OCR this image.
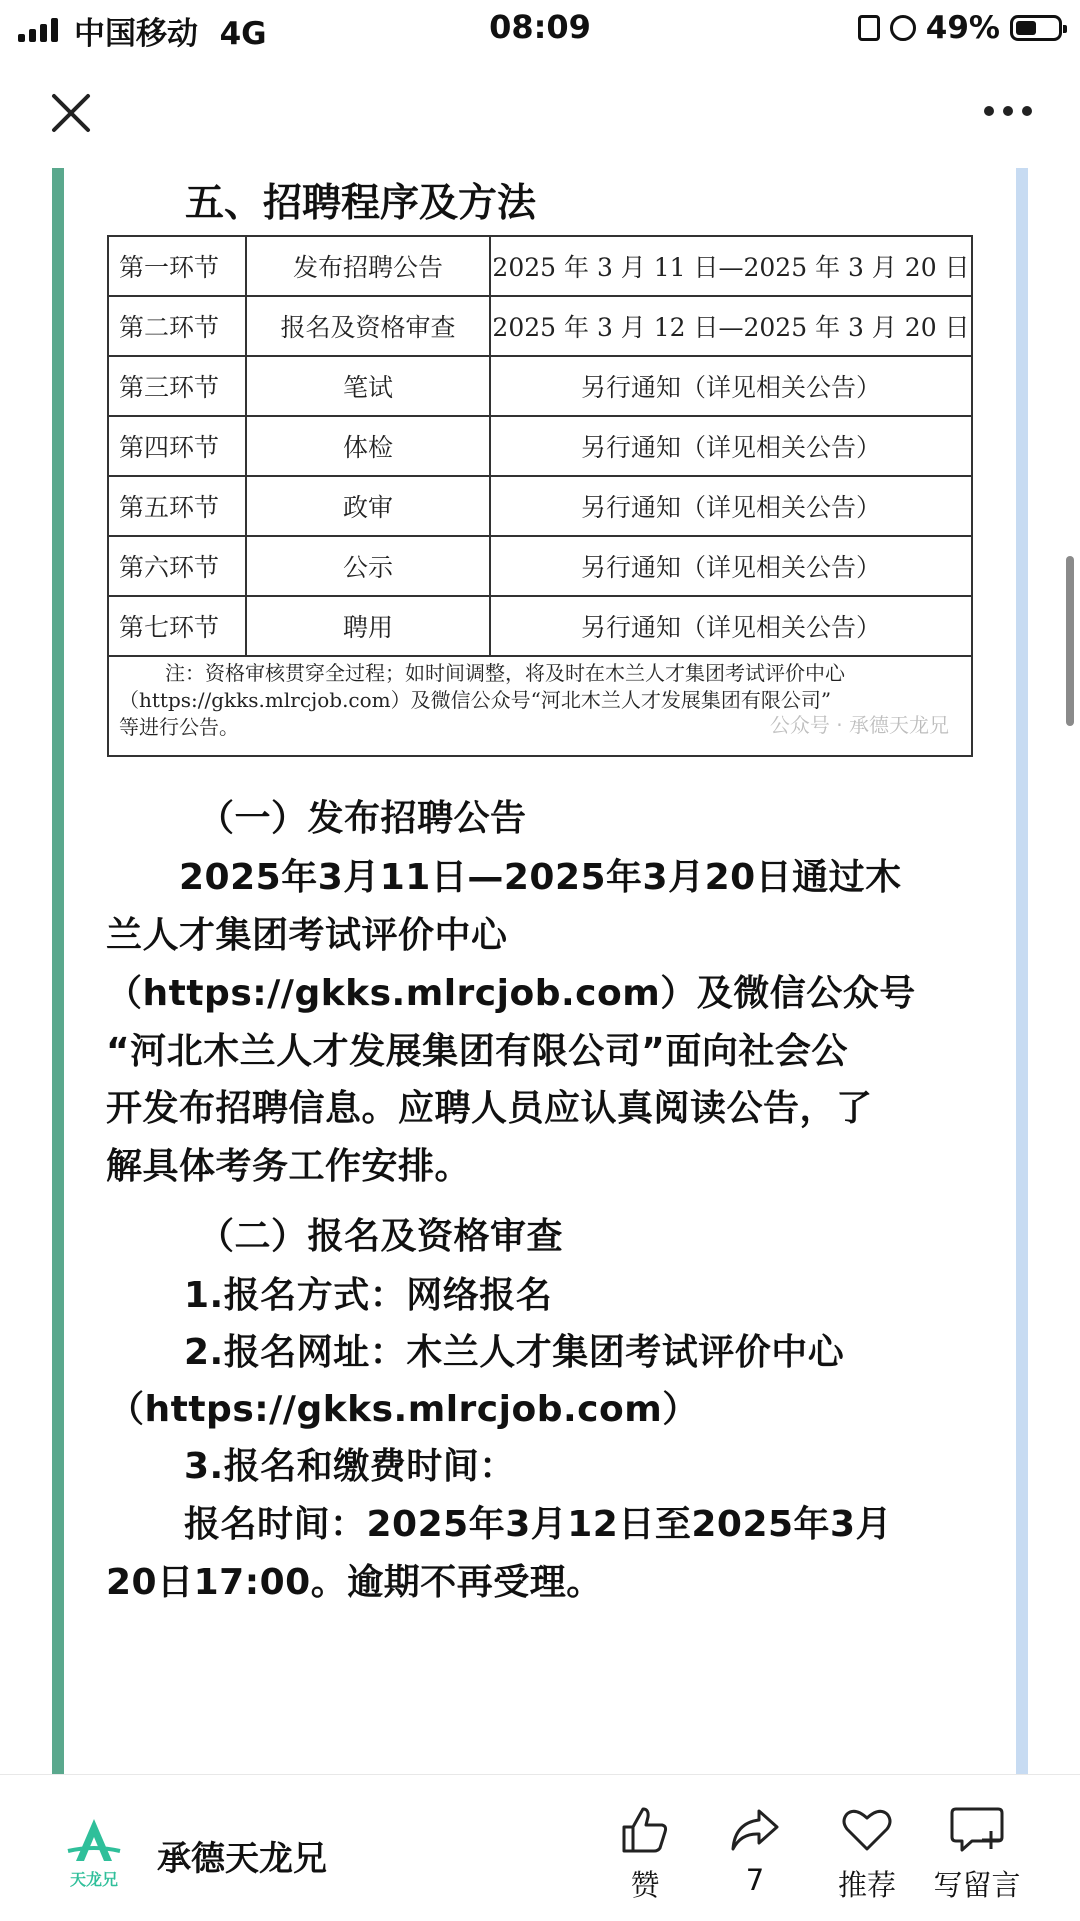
中国移动 4G	08:09	49%
五、招聘程序及方法
第一环节	发布招聘公告	2025 年 3 月 11 日—2025 年 3 月 20 日
第二环节	报名及资格审查	2025 年 3 月 12 日—2025 年 3 月 20 日
第三环节	笔试	另行通知（详见相关公告）
第四环节	体检	另行通知（详见相关公告）
第五环节	政审	另行通知（详见相关公告）
第六环节	公示	另行通知（详见相关公告）
第七环节	聘用	另行通知（详见相关公告）

注：资格审核贯穿全过程；如时间调整，将及时在木兰人才集团考试评价中心
（https://gkks.mlrcjob.com）及微信公众号“河北木兰人才发展集团有限公司”
等进行公告。 公众号 · 承德天龙兄		
（一）发布招聘公告
　　2025年3月11日—2025年3月20日通过木
兰人才集团考试评价中心
（https://gkks.mlrcjob.com）及微信公众号
“河北木兰人才发展集团有限公司”面向社会公
开发布招聘信息。应聘人员应认真阅读公告，了
解具体考务工作安排。
（二）报名及资格审查
1.报名方式：网络报名
2.报名网址：木兰人才集团考试评价中心
（https://gkks.mlrcjob.com）
3.报名和缴费时间：
报名时间：2025年3月12日至2025年3月
20日17:00。逾期不再受理。
天龙兄
承德天龙兄
赞	7	推荐	写留言
